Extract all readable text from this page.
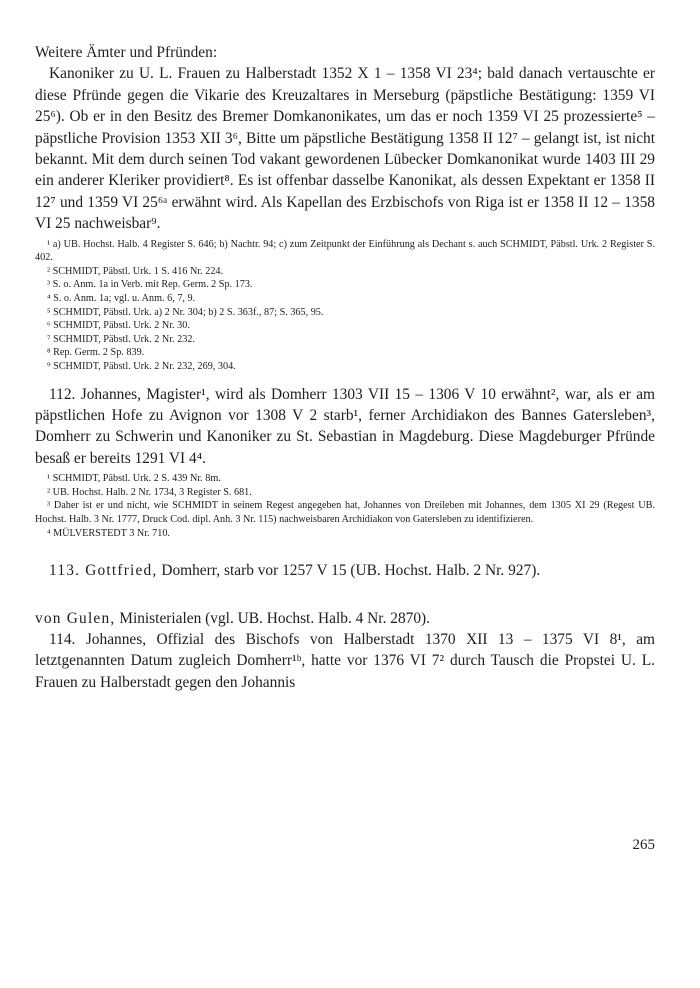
Weitere Ämter und Pfründen:

Kanoniker zu U. L. Frauen zu Halberstadt 1352 X 1 – 1358 VI 23⁴; bald danach vertauschte er diese Pfründe gegen die Vikarie des Kreuzaltares in Merseburg (päpstliche Bestätigung: 1359 VI 25⁶). Ob er in den Besitz des Bremer Domkanonikates, um das er noch 1359 VI 25 prozessierte⁵ – päpstliche Provision 1353 XII 3⁶, Bitte um päpstliche Bestätigung 1358 II 12⁷ – gelangt ist, ist nicht bekannt. Mit dem durch seinen Tod vakant gewordenen Lübecker Domkanonikat wurde 1403 III 29 ein anderer Kleriker providiert⁸. Es ist offenbar dasselbe Kanonikat, als dessen Expektant er 1358 II 12⁷ und 1359 VI 25⁶ᵃ erwähnt wird. Als Kapellan des Erzbischofs von Riga ist er 1358 II 12 – 1358 VI 25 nachweisbar⁹.

¹ a) UB. Hochst. Halb. 4 Register S. 646; b) Nachtr. 94; c) zum Zeitpunkt der Einführung als Dechant s. auch SCHMIDT, Päbstl. Urk. 2 Register S. 402.
² SCHMIDT, Päbstl. Urk. 1 S. 416 Nr. 224.
³ S. o. Anm. 1a in Verb. mit Rep. Germ. 2 Sp. 173.
⁴ S. o. Anm. 1a; vgl. u. Anm. 6, 7, 9.
⁵ SCHMIDT, Päbstl. Urk. a) 2 Nr. 304; b) 2 S. 363f., 87; S. 365, 95.
⁶ SCHMIDT, Päbstl. Urk. 2 Nr. 30.
⁷ SCHMIDT, Päbstl. Urk. 2 Nr. 232.
⁸ Rep. Germ. 2 Sp. 839.
⁹ SCHMIDT, Päbstl. Urk. 2 Nr. 232, 269, 304.

112. Johannes, Magister¹, wird als Domherr 1303 VII 15 – 1306 V 10 erwähnt², war, als er am päpstlichen Hofe zu Avignon vor 1308 V 2 starb¹, ferner Archidiakon des Bannes Gatersleben³, Domherr zu Schwerin und Kanoniker zu St. Sebastian in Magdeburg. Diese Magdeburger Pfründe besaß er bereits 1291 VI 4⁴.

¹ SCHMIDT, Päbstl. Urk. 2 S. 439 Nr. 8m.
² UB. Hochst. Halb. 2 Nr. 1734, 3 Register S. 681.
³ Daher ist er und nicht, wie SCHMIDT in seinem Regest angegeben hat, Johannes von Dreileben mit Johannes, dem 1305 XI 29 (Regest UB. Hochst. Halb. 3 Nr. 1777, Druck Cod. dipl. Anh. 3 Nr. 115) nachweisbaren Archidiakon von Gatersleben zu identifizieren.
⁴ MÜLVERSTEDT 3 Nr. 710.

113. Gottfried, Domherr, starb vor 1257 V 15 (UB. Hochst. Halb. 2 Nr. 927).

von Gulen, Ministerialen (vgl. UB. Hochst. Halb. 4 Nr. 2870).

114. Johannes, Offizial des Bischofs von Halberstadt 1370 XII 13 – 1375 VI 8¹, am letztgenannten Datum zugleich Domherr¹ᵇ, hatte vor 1376 VI 7² durch Tausch die Propstei U. L. Frauen zu Halberstadt gegen den Johannis

265
